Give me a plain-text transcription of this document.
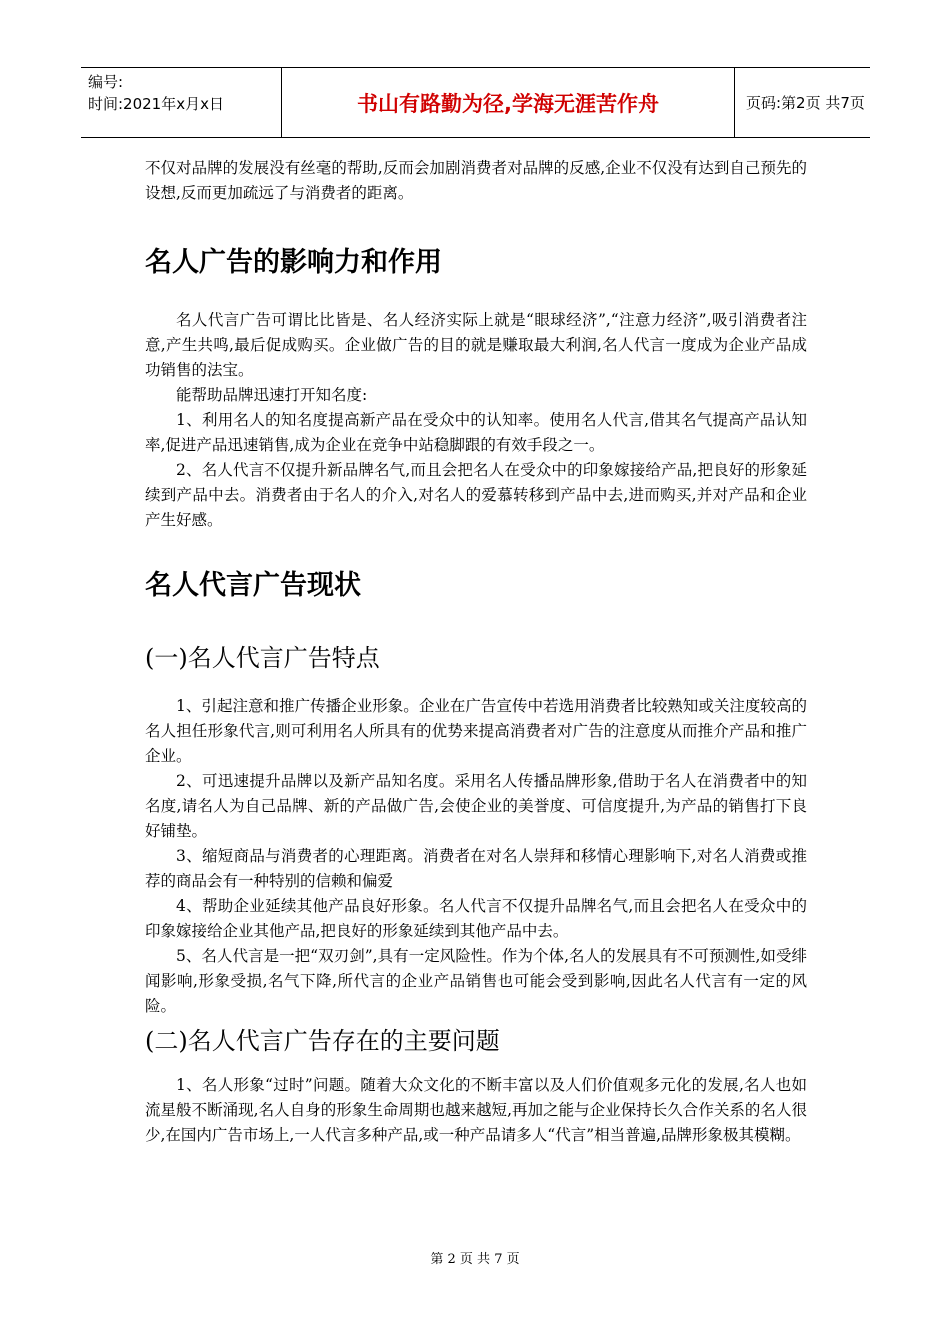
编号:
时间:2021年x月x日	书山有路勤为径,学海无涯苦作舟	页码:第2页 共7页

不仅对品牌的发展没有丝毫的帮助,反而会加剧消费者对品牌的反感,企业不仅没有达到自己预先的设想,反而更加疏远了与消费者的距离。

名人广告的影响力和作用

名人代言广告可谓比比皆是、名人经济实际上就是“眼球经济”,“注意力经济”,吸引消费者注意,产生共鸣,最后促成购买。企业做广告的目的就是赚取最大利润,名人代言一度成为企业产品成功销售的法宝。

能帮助品牌迅速打开知名度:

1、利用名人的知名度提高新产品在受众中的认知率。使用名人代言,借其名气提高产品认知率,促进产品迅速销售,成为企业在竞争中站稳脚跟的有效手段之一。

2、名人代言不仅提升新品牌名气,而且会把名人在受众中的印象嫁接给产品,把良好的形象延续到产品中去。消费者由于名人的介入,对名人的爱慕转移到产品中去,进而购买,并对产品和企业产生好感。

名人代言广告现状
(一)名人代言广告特点

1、引起注意和推广传播企业形象。企业在广告宣传中若选用消费者比较熟知或关注度较高的名人担任形象代言,则可利用名人所具有的优势来提高消费者对广告的注意度从而推介产品和推广企业。

2、可迅速提升品牌以及新产品知名度。采用名人传播品牌形象,借助于名人在消费者中的知名度,请名人为自己品牌、新的产品做广告,会使企业的美誉度、可信度提升,为产品的销售打下良好铺垫。

3、缩短商品与消费者的心理距离。消费者在对名人崇拜和移情心理影响下,对名人消费或推荐的商品会有一种特别的信赖和偏爱

4、帮助企业延续其他产品良好形象。名人代言不仅提升品牌名气,而且会把名人在受众中的印象嫁接给企业其他产品,把良好的形象延续到其他产品中去。

5、名人代言是一把“双刃剑”,具有一定风险性。作为个体,名人的发展具有不可预测性,如受绯闻影响,形象受损,名气下降,所代言的企业产品销售也可能会受到影响,因此名人代言有一定的风险。

(二)名人代言广告存在的主要问题

1、名人形象“过时”问题。随着大众文化的不断丰富以及人们价值观多元化的发展,名人也如流星般不断涌现,名人自身的形象生命周期也越来越短,再加之能与企业保持长久合作关系的名人很少,在国内广告市场上,一人代言多种产品,或一种产品请多人“代言”相当普遍,品牌形象极其模糊。

第 2 页 共 7 页
